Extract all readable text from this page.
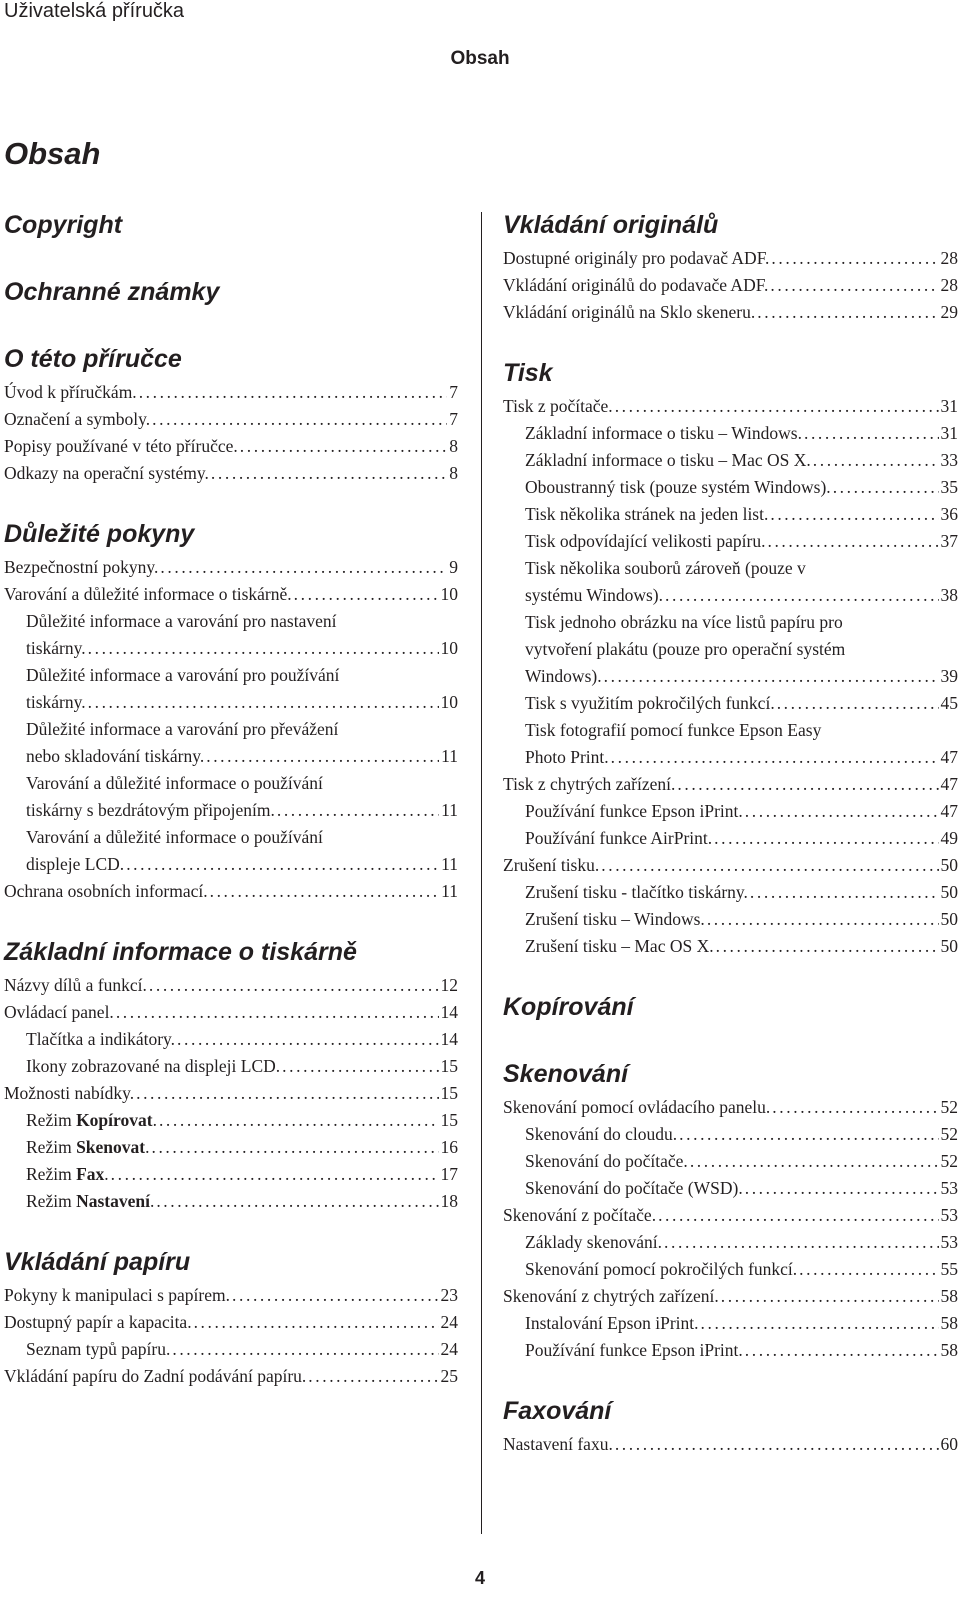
Uživatelská příručka
Obsah
Obsah
Copyright
Ochranné známky
O této příručce
Úvod k příručkám. .....	7
Označení a symboly. .....	7
Popisy používané v této příručce. .....	8
Odkazy na operační systémy. .....	8
Důležité pokyny
Bezpečnostní pokyny. .....	9
Varování a důležité informace o tiskárně. .....	10
Důležité informace a varování pro nastavení
tiskárny. .....	10
Důležité informace a varování pro používání
tiskárny. .....	10
Důležité informace a varování pro převážení
nebo skladování tiskárny. .....	11
Varování a důležité informace o používání
tiskárny s bezdrátovým připojením. .....	11
Varování a důležité informace o používání
displeje LCD. .....	11
Ochrana osobních informací. .....	11
Základní informace o tiskárně
Názvy dílů a funkcí. .....	12
Ovládací panel. .....	14
Tlačítka a indikátory. .....	14
Ikony zobrazované na displeji LCD. .....	15
Možnosti nabídky. .....	15
Režim Kopírovat. .....	15
Režim Skenovat. .....	16
Režim Fax. .....	17
Režim Nastavení. .....	18
Vkládání papíru
Pokyny k manipulaci s papírem. .....	23
Dostupný papír a kapacita. .....	24
Seznam typů papíru. .....	24
Vkládání papíru do Zadní podávání papíru. .....	25
Vkládání originálů
Dostupné originály pro podavač ADF. .....	28
Vkládání originálů do podavače ADF. .....	28
Vkládání originálů na Sklo skeneru. .....	29
Tisk
Tisk z počítače. .....	31
Základní informace o tisku – Windows. .....	31
Základní informace o tisku – Mac OS X. .....	33
Oboustranný tisk (pouze systém Windows). .....	35
Tisk několika stránek na jeden list. .....	36
Tisk odpovídající velikosti papíru. .....	37
Tisk několika souborů zároveň (pouze v
systému Windows). .....	38
Tisk jednoho obrázku na více listů papíru pro
vytvoření plakátu (pouze pro operační systém
Windows). .....	39
Tisk s využitím pokročilých funkcí. .....	45
Tisk fotografií pomocí funkce Epson Easy
Photo Print. .....	47
Tisk z chytrých zařízení. .....	47
Používání funkce Epson iPrint. .....	47
Používání funkce AirPrint. .....	49
Zrušení tisku. .....	50
Zrušení tisku - tlačítko tiskárny. .....	50
Zrušení tisku – Windows. .....	50
Zrušení tisku – Mac OS X. .....	50
Kopírování
Skenování
Skenování pomocí ovládacího panelu. .....	52
Skenování do cloudu. .....	52
Skenování do počítače. .....	52
Skenování do počítače (WSD). .....	53
Skenování z počítače. .....	53
Základy skenování. .....	53
Skenování pomocí pokročilých funkcí. .....	55
Skenování z chytrých zařízení. .....	58
Instalování Epson iPrint. .....	58
Používání funkce Epson iPrint. .....	58
Faxování
Nastavení faxu. .....	60
4
